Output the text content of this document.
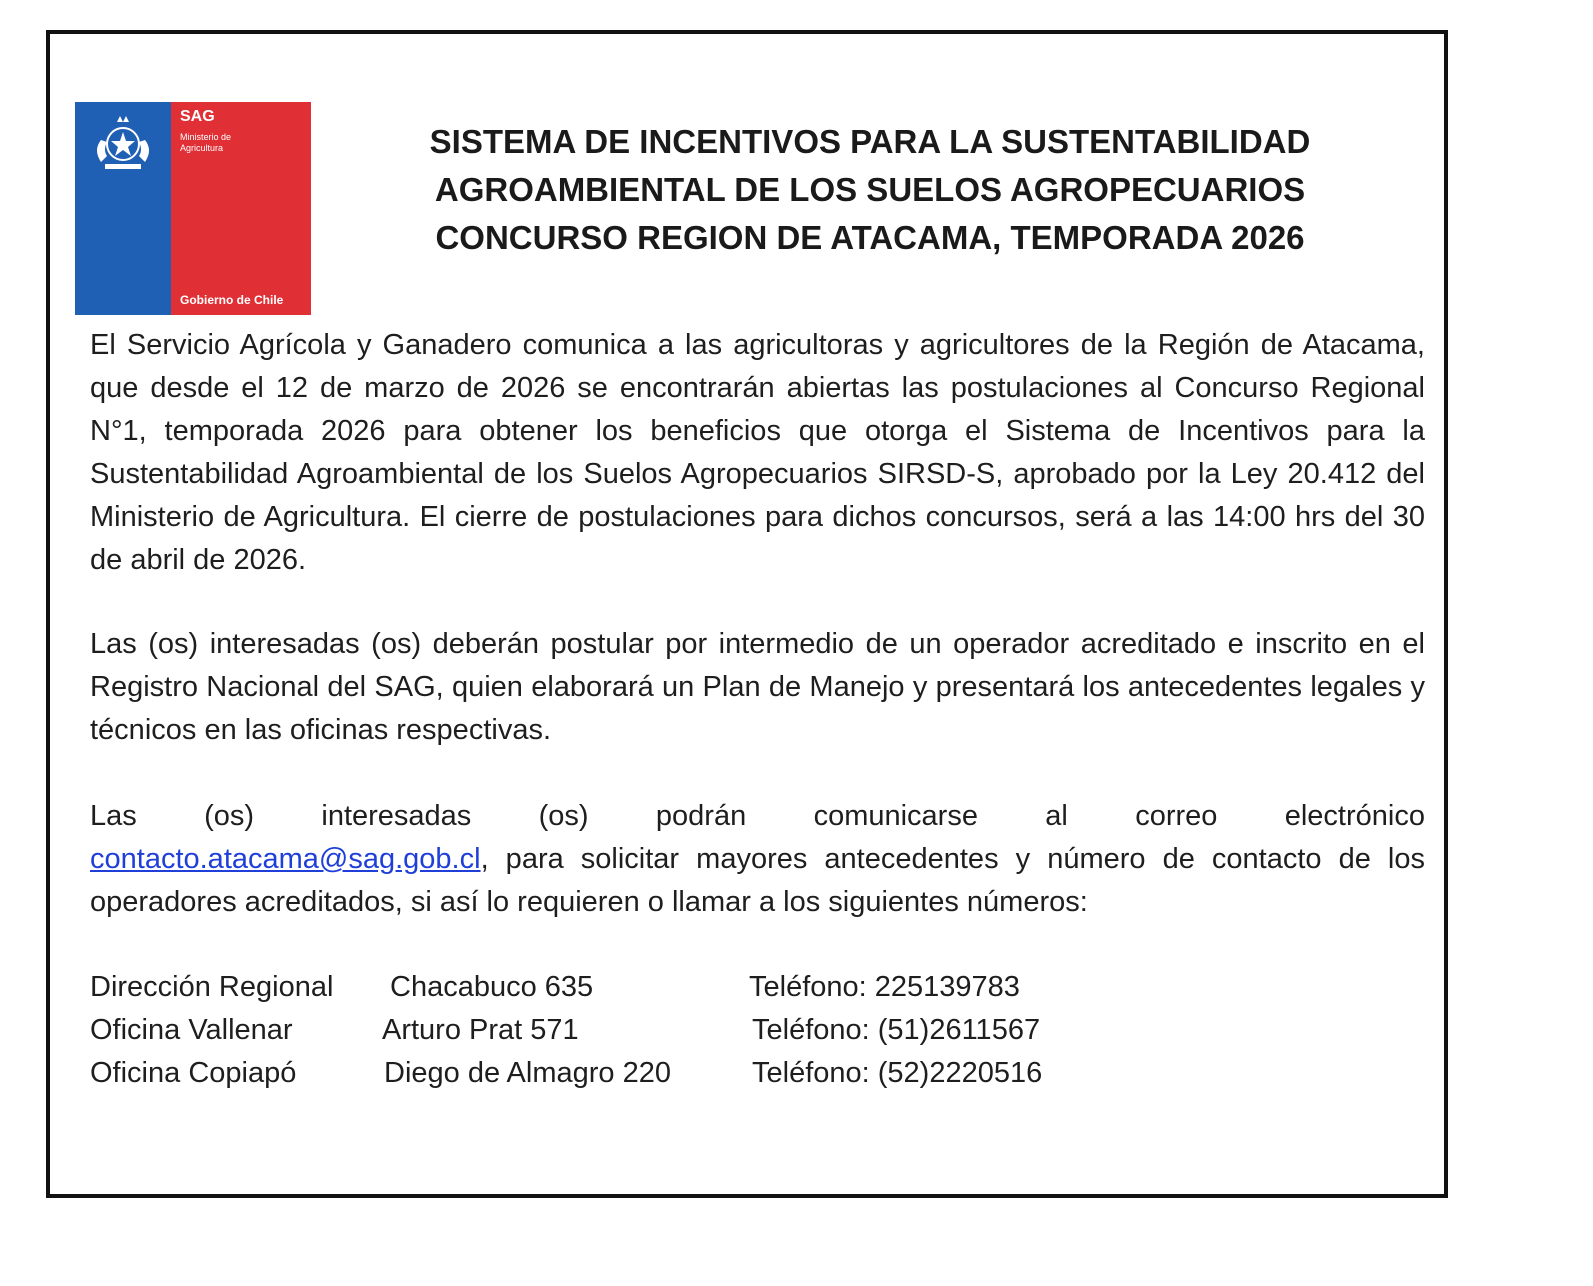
SAG
Ministerio de Agricultura
Gobierno de Chile
SISTEMA DE INCENTIVOS PARA LA SUSTENTABILIDAD
AGROAMBIENTAL DE LOS SUELOS AGROPECUARIOS
CONCURSO REGION DE ATACAMA, TEMPORADA 2026

El Servicio Agrícola y Ganadero comunica a las agricultoras y agricultores de la Región de Atacama, que desde el 12 de marzo de 2026 se encontrarán abiertas las postulaciones al Concurso Regional N°1, temporada 2026 para obtener los beneficios que otorga el Sistema de Incentivos para la Sustentabilidad Agroambiental de los Suelos Agropecuarios SIRSD-S, aprobado por la Ley 20.412 del Ministerio de Agricultura. El cierre de postulaciones para dichos concursos, será a las 14:00 hrs del 30 de abril de 2026.

Las (os) interesadas (os) deberán postular por intermedio de un operador acreditado e inscrito en el Registro Nacional del SAG, quien elaborará un Plan de Manejo y presentará los antecedentes legales y técnicos en las oficinas respectivas.

Las (os) interesadas (os) podrán comunicarse al correo electrónico
contacto.atacama@sag.gob.cl, para solicitar mayores antecedentes y número de contacto de los operadores acreditados, si así lo requieren o llamar a los siguientes números:
Dirección Regional Chacabuco 635	Teléfono: 225139783
Oficina Vallenar	Arturo Prat 571	Teléfono: (51)2611567
Oficina Copiapó	Diego de Almagro 220	Teléfono: (52)2220516
